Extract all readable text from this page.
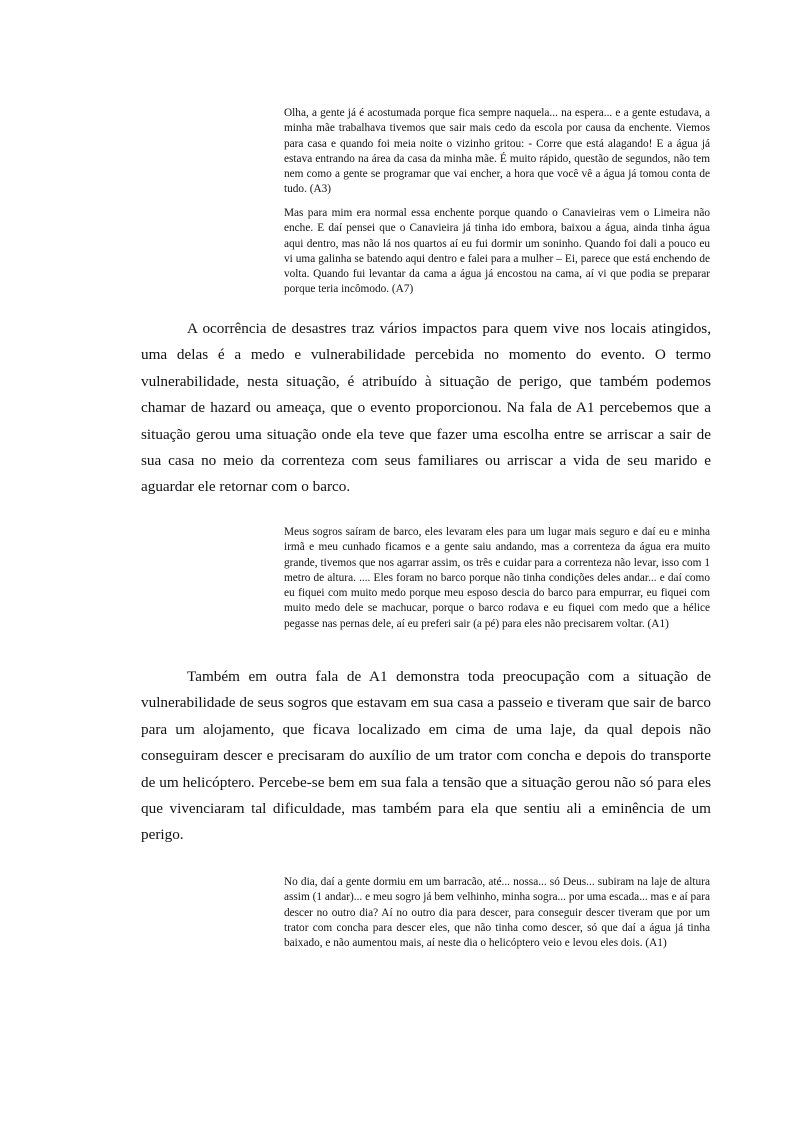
Olha, a gente já é acostumada porque fica sempre naquela... na espera... e a gente estudava, a minha mãe trabalhava tivemos que sair mais cedo da escola por causa da enchente. Viemos para casa e quando foi meia noite o vizinho gritou: - Corre que está alagando! E a água já estava entrando na área da casa da minha mãe. É muito rápido, questão de segundos, não tem nem como a gente se programar que vai encher, a hora que você vê a água já tomou conta de tudo. (A3)

Mas para mim era normal essa enchente porque quando o Canavieiras vem o Limeira não enche. E daí pensei que o Canavieira já tinha ido embora, baixou a água, ainda tinha água aqui dentro, mas não lá nos quartos aí eu fui dormir um soninho. Quando foi dali a pouco eu vi uma galinha se batendo aqui dentro e falei para a mulher – Ei, parece que está enchendo de volta. Quando fui levantar da cama a água já encostou na cama, aí vi que podia se preparar porque teria incômodo. (A7)

A ocorrência de desastres traz vários impactos para quem vive nos locais atingidos, uma delas é a medo e vulnerabilidade percebida no momento do evento. O termo vulnerabilidade, nesta situação, é atribuído à situação de perigo, que também podemos chamar de hazard ou ameaça, que o evento proporcionou. Na fala de A1 percebemos que a situação gerou uma situação onde ela teve que fazer uma escolha entre se arriscar a sair de sua casa no meio da correnteza com seus familiares ou arriscar a vida de seu marido e aguardar ele retornar com o barco.

Meus sogros saíram de barco, eles levaram eles para um lugar mais seguro e daí eu e minha irmã e meu cunhado ficamos e a gente saiu andando, mas a correnteza da água era muito grande, tivemos que nos agarrar assim, os três e cuidar para a correnteza não levar, isso com 1 metro de altura. .... Eles foram no barco porque não tinha condições deles andar... e daí como eu fiquei com muito medo porque meu esposo descia do barco para empurrar, eu fiquei com muito medo dele se machucar, porque o barco rodava e eu fiquei com medo que a hélice pegasse nas pernas dele, aí eu preferi sair (a pé) para eles não precisarem voltar. (A1)

Também em outra fala de A1 demonstra toda preocupação com a situação de vulnerabilidade de seus sogros que estavam em sua casa a passeio e tiveram que sair de barco para um alojamento, que ficava localizado em cima de uma laje, da qual depois não conseguiram descer e precisaram do auxílio de um trator com concha e depois do transporte de um helicóptero. Percebe-se bem em sua fala a tensão que a situação gerou não só para eles que vivenciaram tal dificuldade, mas também para ela que sentiu ali a eminência de um perigo.

No dia, daí a gente dormiu em um barracão, até... nossa... só Deus... subiram na laje de altura assim (1 andar)... e meu sogro já bem velhinho, minha sogra... por uma escada... mas e aí para descer no outro dia? Aí no outro dia para descer, para conseguir descer tiveram que por um trator com concha para descer eles, que não tinha como descer, só que daí a água já tinha baixado, e não aumentou mais, aí neste dia o helicóptero veio e levou eles dois. (A1)
